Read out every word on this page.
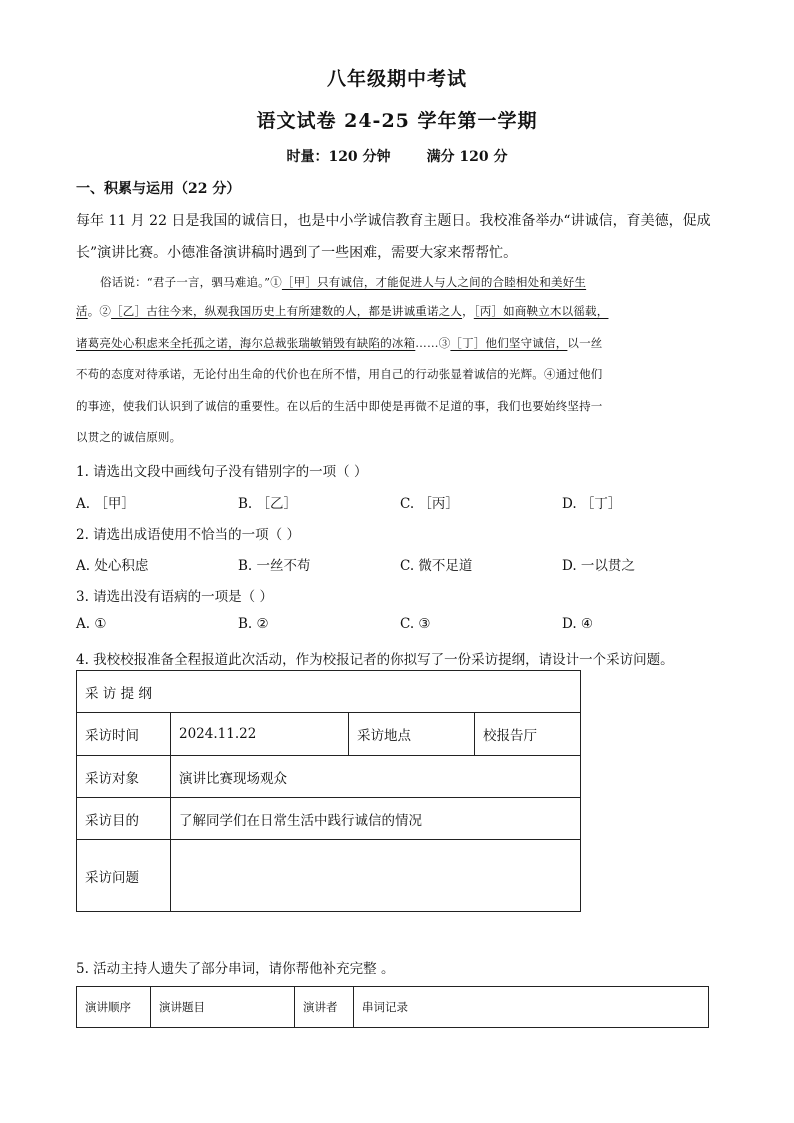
八年级期中考试
语文试卷 24-25 学年第一学期
时量：120 分钟	满分 120 分
一、积累与运用（22 分）
每年 11 月 22 日是我国的诚信日，也是中小学诚信教育主题日。我校准备举办“讲诚信，育美德，促成
长”演讲比赛。小德准备演讲稿时遇到了一些困难，需要大家来帮帮忙。
俗话说：“君子一言，驷马难追。”①［甲］只有诚信，才能促进人与人之间的合睦相处和美好生
活。②［乙］古往今来，纵观我国历史上有所建数的人，都是讲诚重诺之人，［丙］如商鞅立木以徭载，
诸葛亮处心积虑来全托孤之诺，海尔总裁张瑞敏销毁有缺陷的冰箱……③［丁］他们坚守诚信，以一丝
不苟的态度对待承诺，无论付出生命的代价也在所不惜，用自己的行动张显着诚信的光辉。④通过他们
的事迹，使我们认识到了诚信的重要性。在以后的生活中即使是再微不足道的事，我们也要始终坚持一
以贯之的诚信原则。
1. 请选出文段中画线句子没有错别字的一项（ ）
A. ［甲］	B. ［乙］	C. ［丙］	D. ［丁］
2. 请选出成语使用不恰当的一项（ ）
A. 处心积虑	B. 一丝不苟	C. 微不足道	D. 一以贯之
3. 请选出没有语病的一项是（ ）
A. ①	B. ②	C. ③	D. ④
4. 我校校报准备全程报道此次活动，作为校报记者的你拟写了一份采访提纲，请设计一个采访问题。
采 访 提 纲			
采访时间	2024.11.22	采访地点	校报告厅
采访对象	演讲比赛现场观众		
采访目的	了解同学们在日常生活中践行诚信的情况		
采访问题			
5. 活动主持人遗失了部分串词，请你帮他补充完整 。
演讲顺序	演讲题目	演讲者	串词记录
